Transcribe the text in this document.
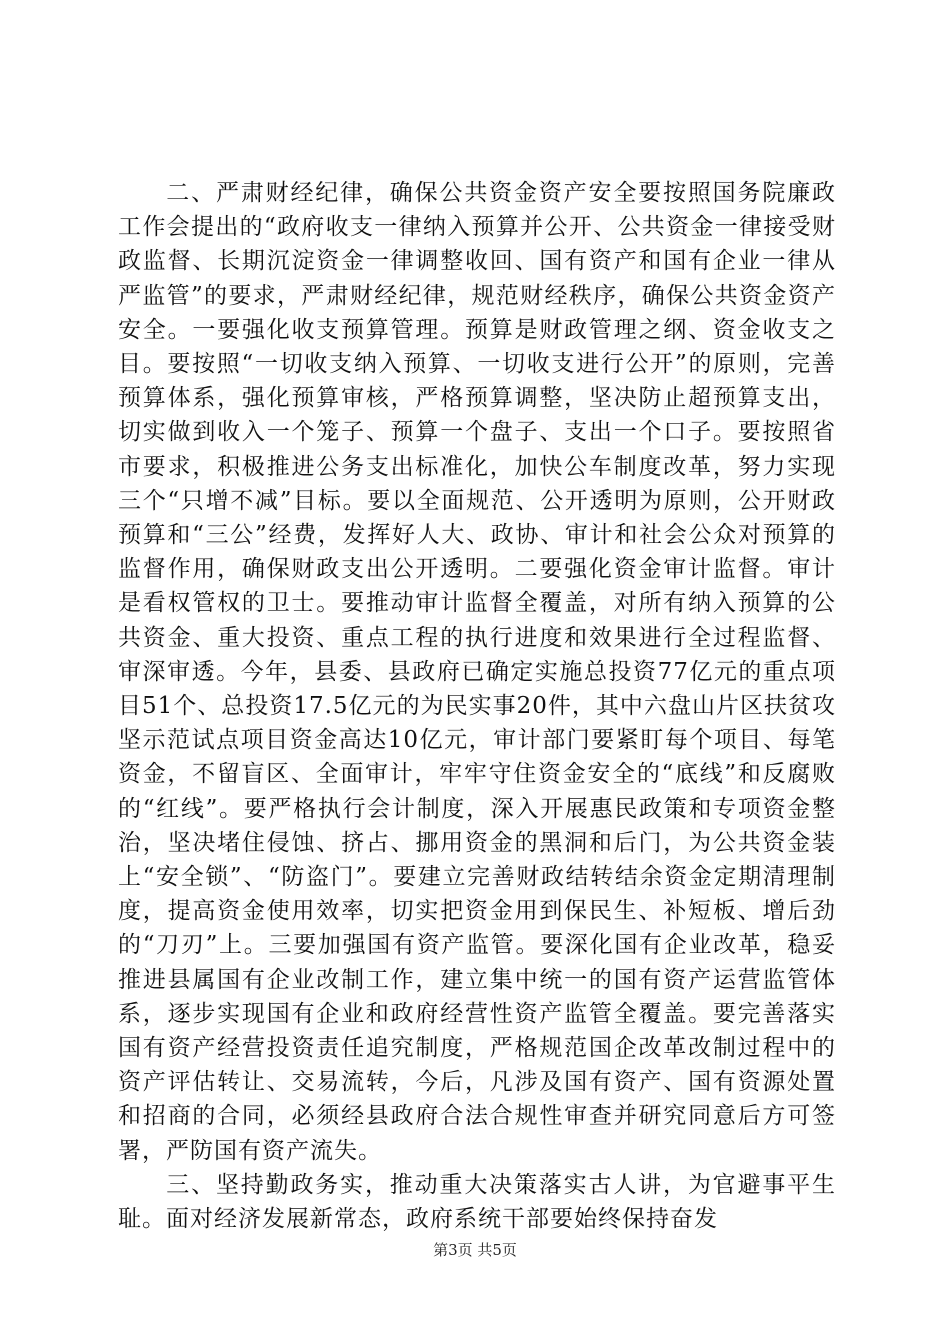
二、严肃财经纪律，确保公共资金资产安全要按照国务院廉政工作会提出的“政府收支一律纳入预算并公开、公共资金一律接受财政监督、长期沉淀资金一律调整收回、国有资产和国有企业一律从严监管”的要求，严肃财经纪律，规范财经秩序，确保公共资金资产安全。一要强化收支预算管理。预算是财政管理之纲、资金收支之目。要按照“一切收支纳入预算、一切收支进行公开”的原则，完善预算体系，强化预算审核，严格预算调整，坚决防止超预算支出，切实做到收入一个笼子、预算一个盘子、支出一个口子。要按照省市要求，积极推进公务支出标准化，加快公车制度改革，努力实现三个“只增不减”目标。要以全面规范、公开透明为原则，公开财政预算和“三公”经费，发挥好人大、政协、审计和社会公众对预算的监督作用，确保财政支出公开透明。二要强化资金审计监督。审计是看权管权的卫士。要推动审计监督全覆盖，对所有纳入预算的公共资金、重大投资、重点工程的执行进度和效果进行全过程监督、审深审透。今年，县委、县政府已确定实施总投资77亿元的重点项目51个、总投资17.5亿元的为民实事20件，其中六盘山片区扶贫攻坚示范试点项目资金高达10亿元，审计部门要紧盯每个项目、每笔资金，不留盲区、全面审计，牢牢守住资金安全的“底线”和反腐败的“红线”。要严格执行会计制度，深入开展惠民政策和专项资金整治，坚决堵住侵蚀、挤占、挪用资金的黑洞和后门，为公共资金装上“安全锁”、“防盗门”。要建立完善财政结转结余资金定期清理制度，提高资金使用效率，切实把资金用到保民生、补短板、增后劲的“刀刃”上。三要加强国有资产监管。要深化国有企业改革，稳妥推进县属国有企业改制工作，建立集中统一的国有资产运营监管体系，逐步实现国有企业和政府经营性资产监管全覆盖。要完善落实国有资产经营投资责任追究制度，严格规范国企改革改制过程中的资产评估转让、交易流转，今后，凡涉及国有资产、国有资源处置和招商的合同，必须经县政府合法合规性审查并研究同意后方可签署，严防国有资产流失。

三、坚持勤政务实，推动重大决策落实古人讲，为官避事平生耻。面对经济发展新常态，政府系统干部要始终保持奋发

第3页 共5页
